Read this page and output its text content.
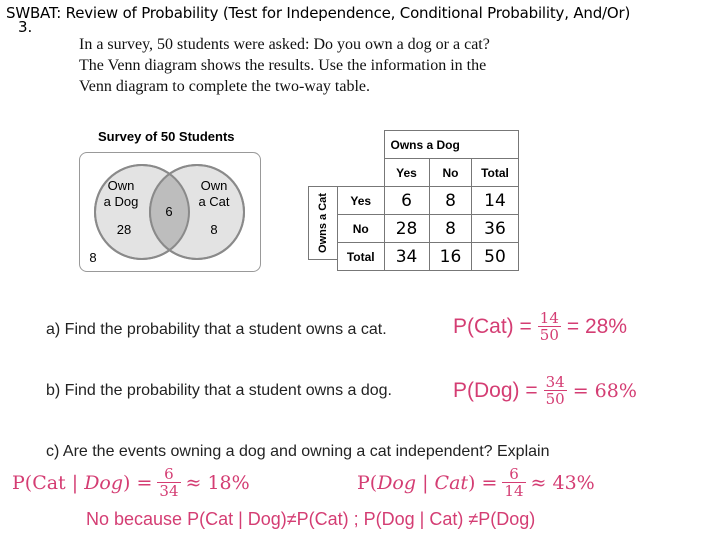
SWBAT: Review of Probability (Test for Independence, Conditional Probability, And/Or)
3.
In a survey, 50 students were asked: Do you own a dog or a cat?
The Venn diagram shows the results. Use the information in the
Venn diagram to complete the two-way table.
Survey of 50 Students
Own
a Dog
Own
a Cat
28
6
8
8
Owns a Cat
	Owns a Dog		
	Yes	No	Total
Yes	6	8	14
No	28	8	36
Total	34	16	50
a) Find the probability that a student owns a cat.	$P(Cat) = \frac{14}{50} = 28\%$
b) Find the probability that a student owns a dog.	$P(Dog) = \frac{34}{50} = 68\%$
c) Are the events owning a dog and owning a cat independent? Explain
P(Cat | $Dog) = \frac{6}{34} \approx 18\%$	P(Dog | $Cat) = \frac{6}{14} \approx 43\%$
No because P(Cat | Dog)≠P(Cat) ; P(Dog | Cat) ≠P(Dog)
